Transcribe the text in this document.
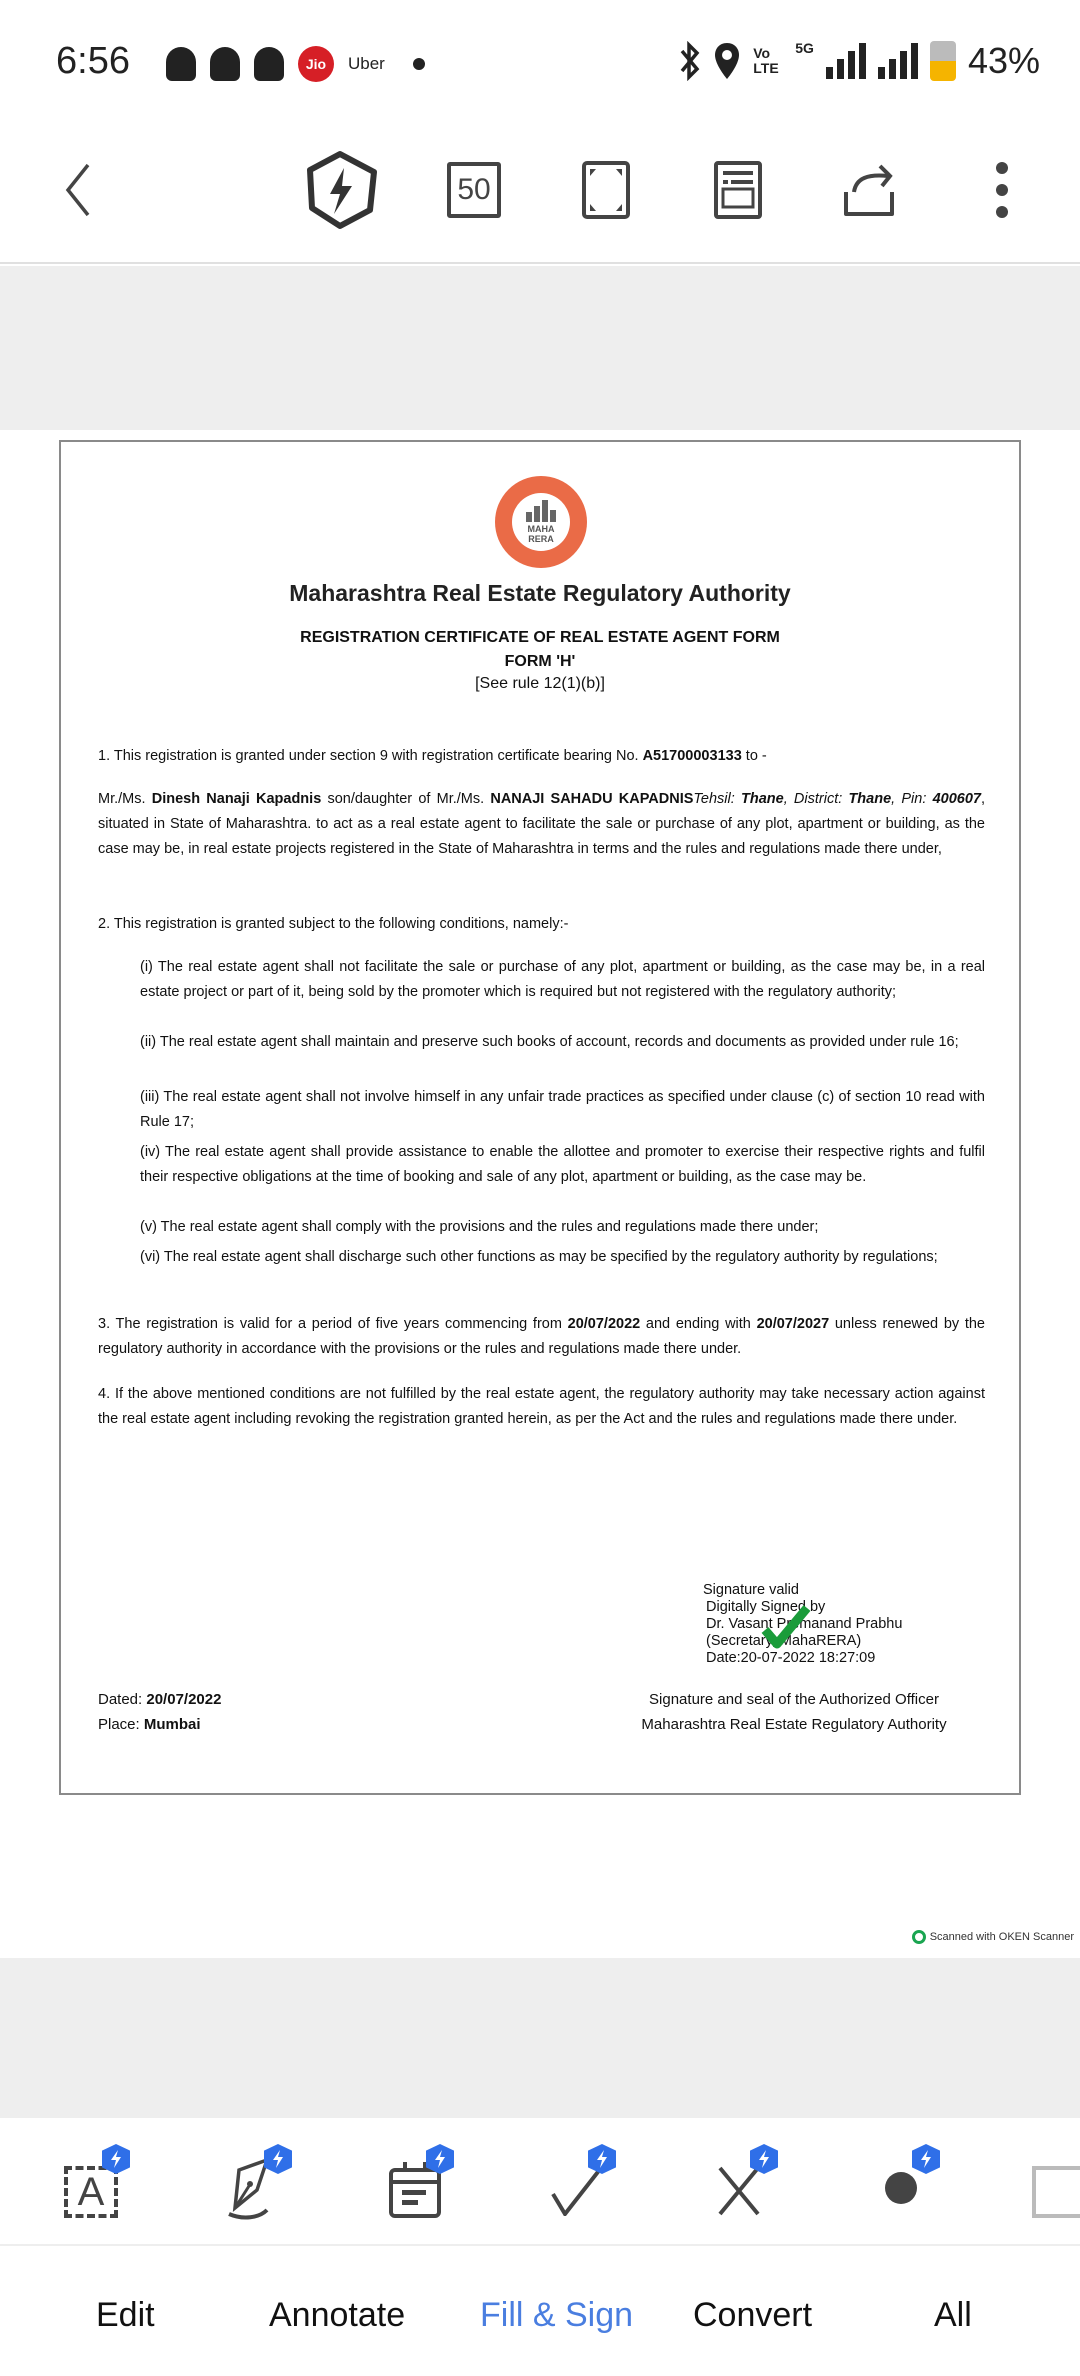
6:56	Jio	Uber
Vo LTE
5G	43%
50
MAHA
RERA
Maharashtra Real Estate Regulatory Authority
REGISTRATION CERTIFICATE OF REAL ESTATE AGENT FORM
FORM 'H'
[See rule 12(1)(b)]
1. This registration is granted under section 9 with registration certificate bearing No. A51700003133 to -
Mr./Ms. Dinesh Nanaji Kapadnis son/daughter of Mr./Ms. NANAJI SAHADU KAPADNISTehsil: Thane, District: Thane, Pin: 400607, situated in State of Maharashtra. to act as a real estate agent to facilitate the sale or purchase of any plot, apartment or building, as the case may be, in real estate projects registered in the State of Maharashtra in terms and the rules and regulations made there under,
2. This registration is granted subject to the following conditions, namely:-
(i) The real estate agent shall not facilitate the sale or purchase of any plot, apartment or building, as the case may be, in a real estate project or part of it, being sold by the promoter which is required but not registered with the regulatory authority;
(ii) The real estate agent shall maintain and preserve such books of account, records and documents as provided under rule 16;
(iii) The real estate agent shall not involve himself in any unfair trade practices as specified under clause (c) of section 10 read with Rule 17;
(iv) The real estate agent shall provide assistance to enable the allottee and promoter to exercise their respective rights and fulfil their respective obligations at the time of booking and sale of any plot, apartment or building, as the case may be.
(v) The real estate agent shall comply with the provisions and the rules and regulations made there under;
(vi) The real estate agent shall discharge such other functions as may be specified by the regulatory authority by regulations;
3. The registration is valid for a period of five years commencing from 20/07/2022 and ending with 20/07/2027 unless renewed by the regulatory authority in accordance with the provisions or the rules and regulations made there under.
4. If the above mentioned conditions are not fulfilled by the real estate agent, the regulatory authority may take necessary action against the real estate agent including revoking the registration granted herein, as per the Act and the rules and regulations made there under.
Signature valid
Digitally Signed by
Dr. Vasant Premanand Prabhu
(Secretary, MahaRERA)
Date:20-07-2022 18:27:09
Dated: 20/07/2022
Place: Mumbai
Signature and seal of the Authorized Officer
Maharashtra Real Estate Regulatory Authority
Scanned with OKEN Scanner
A
Edit	Annotate Fill & Sign Convert	All
